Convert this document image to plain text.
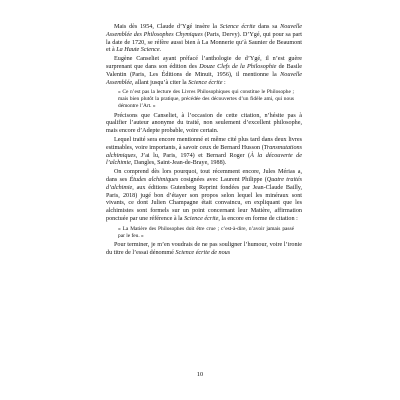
Mais dès 1954, Claude d’Ygé insère la Science écrite dans sa Nouvelle Assemblée des Philosophes Chymiques (Paris, Dervy). D’Ygé, qui pour sa part la date de 1720, se réfère aussi bien à La Monnerie qu’à Saunier de Beaumont et à La Haute Science.

Eugène Canseliet ayant préfacé l’anthologie de d’Ygé, il n’est guère surprenant que dans son édition des Douze Clefs de la Philosophie de Basile Valentin (Paris, Les Éditions de Minuit, 1956), il mentionne la Nouvelle Assemblée, allant jusqu’à citer la Science écrite :

« Ce n’est pas la lecture des Livres Philosophiques qui constitue le Philosophe ; mais bien plutôt la pratique, précédée des découvertes d’un fidèle ami, qui nous démontre l’Art. »

Précisons que Canseliet, à l’occasion de cette citation, n’hésite pas à qualifier l’auteur anonyme du traité, non seulement d’excellent philosophe, mais encore d’Adepte probable, voire certain.

Lequel traité sera encore mentionné et même cité plus tard dans deux livres estimables, voire importants, à savoir ceux de Bernard Husson (Transmutations alchimiques, J’ai lu, Paris, 1974) et Bernard Roger (À la découverte de l’alchimie, Dangles, Saint-Jean-de-Braye, 1988).

On comprend dès lors pourquoi, tout récemment encore, Jules Mérias a, dans ses Études alchimiques cosignées avec Laurent Philippe (Quatre traités d’alchimie, aux éditions Gutenberg Reprint fondées par Jean-Claude Bailly, Paris, 2018) jugé bon d’étayer son propos selon lequel les minéraux sont vivants, ce dont Julien Champagne était convaincu, en expliquant que les alchimistes sont formels sur un point concernant leur Matière, affirmation ponctuée par une référence à la Science écrite, la encore en forme de citation :

« La Matière des Philosophes doit être crue ; c’est-à-dire, n’avoir jamais passé par le feu. »

Pour terminer, je m’en voudrais de ne pas souligner l’humour, voire l’ironie du titre de l’essai dénommé Science écrite de nous

10
